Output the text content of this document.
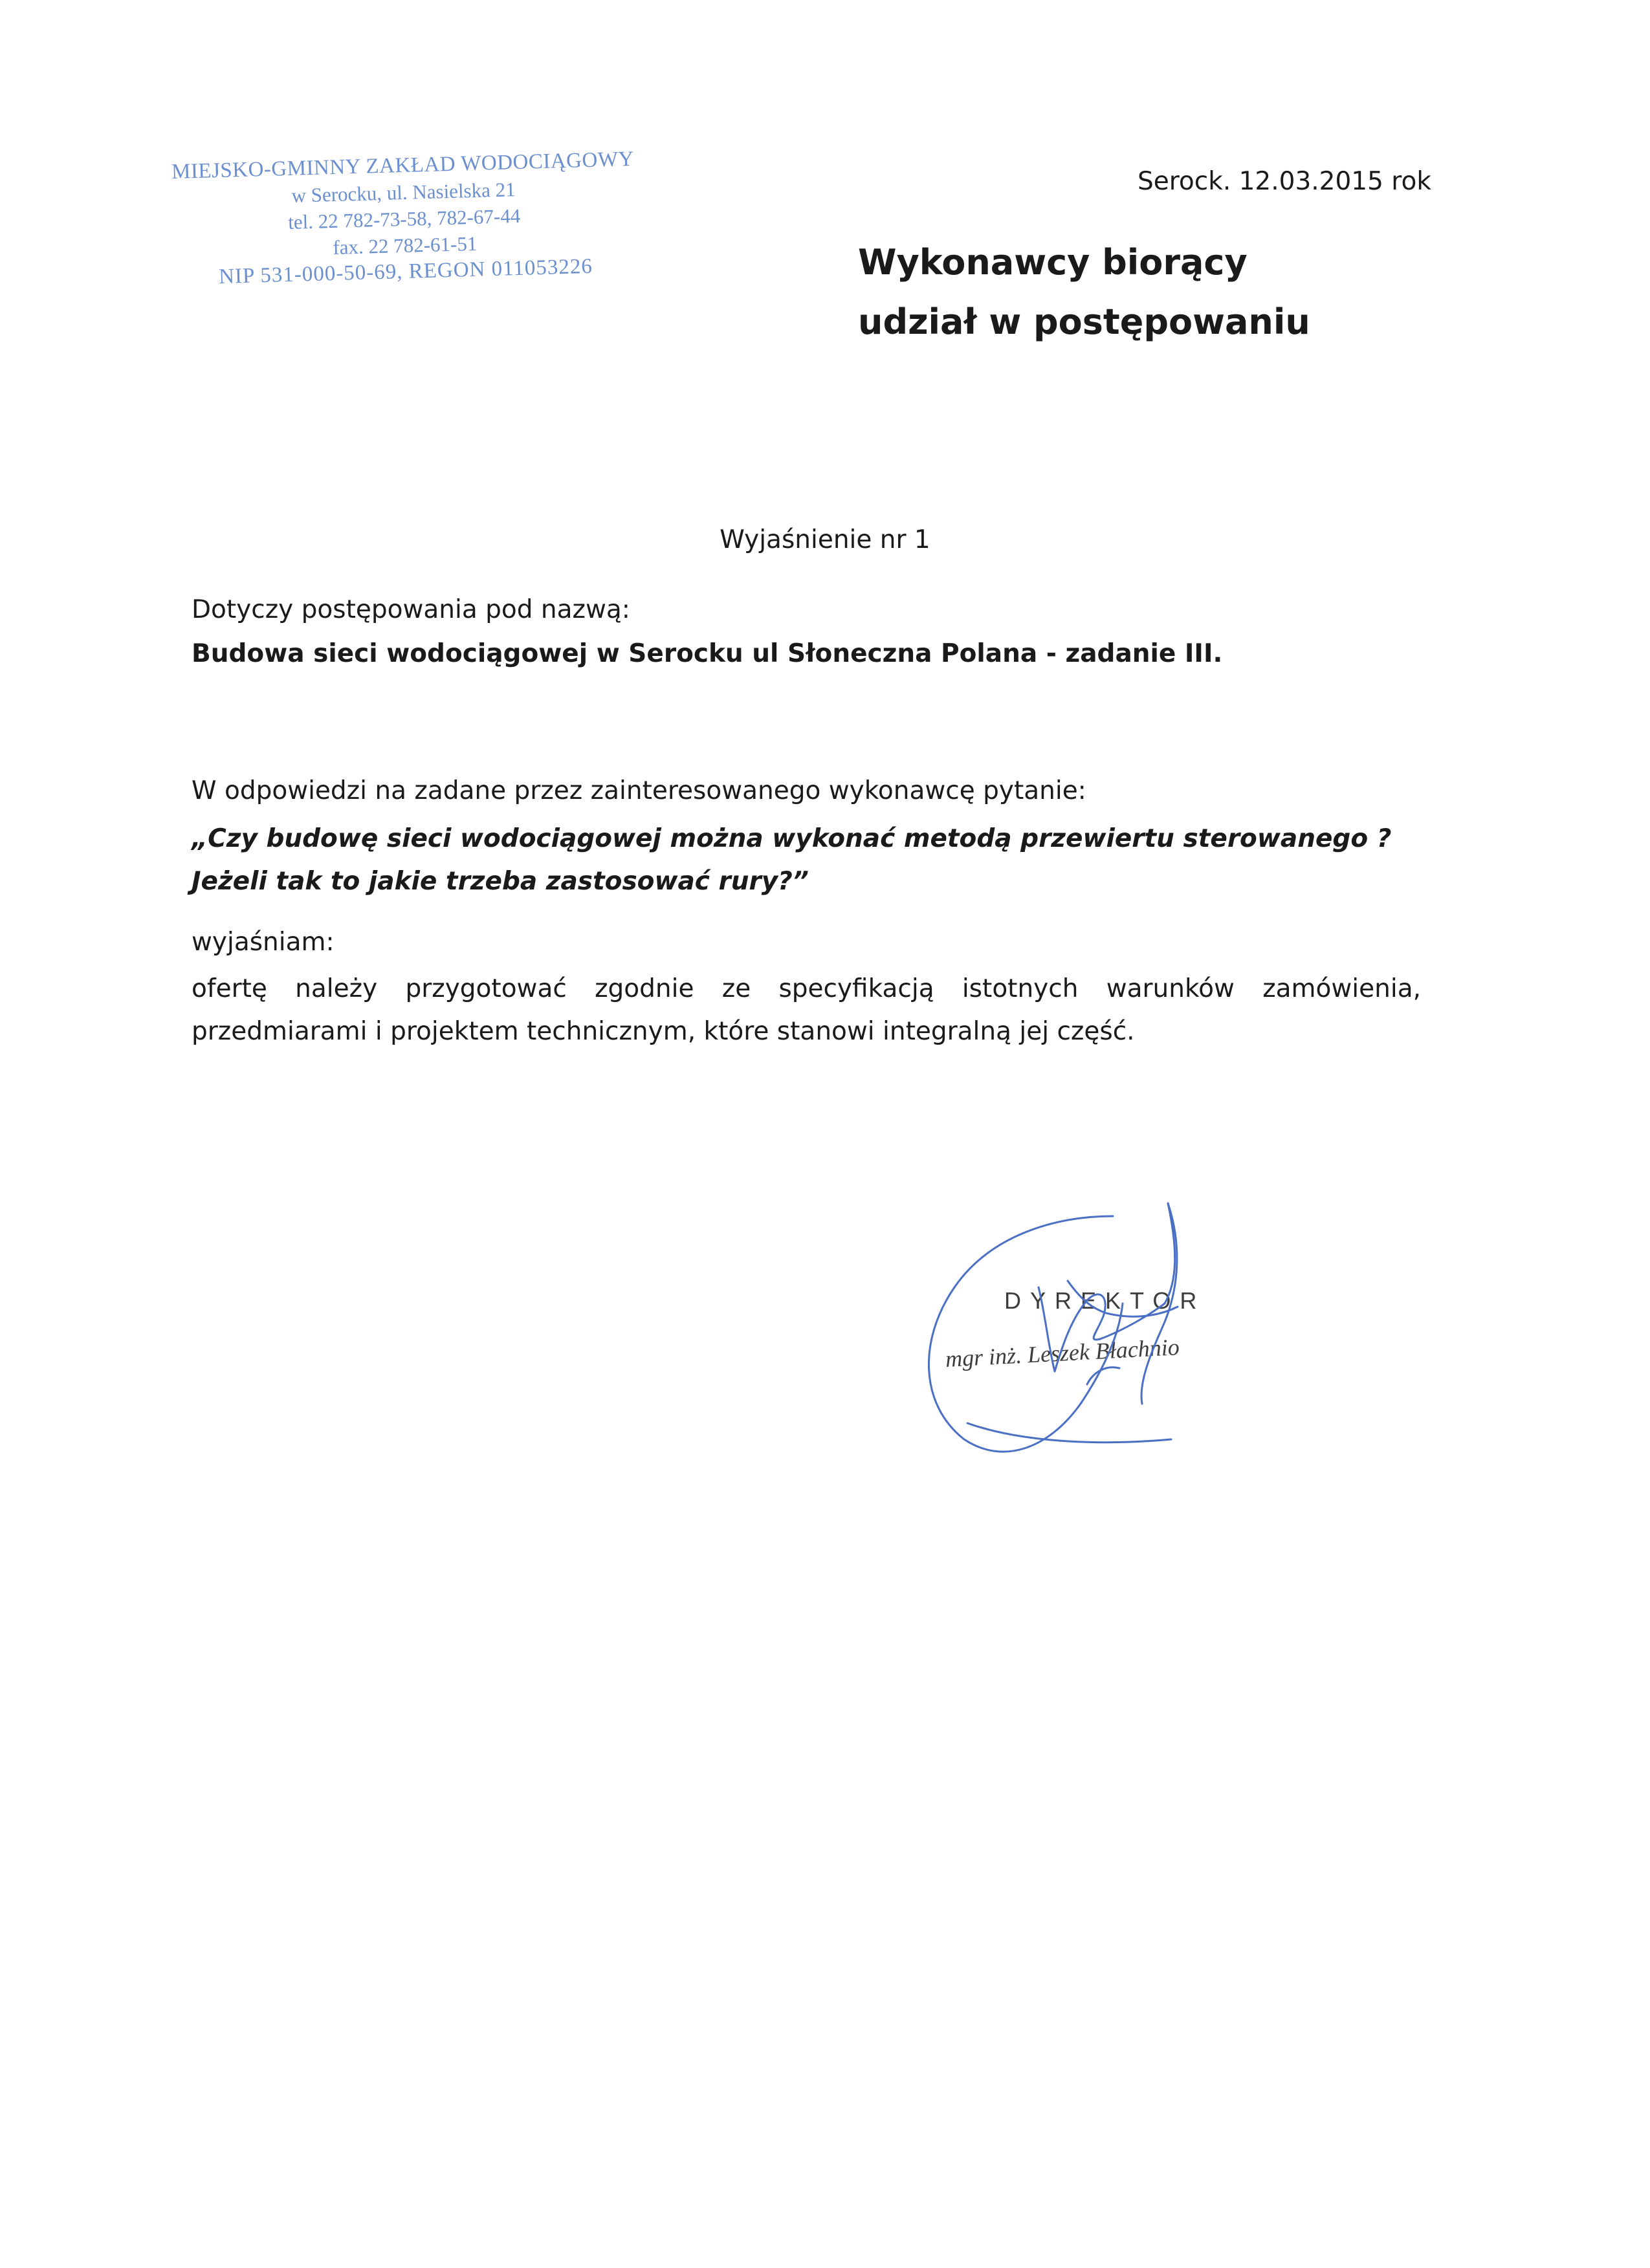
MIEJSKO-GMINNY ZAKŁAD WODOCIĄGOWY
w Serocku, ul. Nasielska 21
tel. 22 782-73-58, 782-67-44
fax. 22 782-61-51
NIP 531-000-50-69, REGON 011053226
Serock. 12.03.2015 rok
Wykonawcy biorący
udział w postępowaniu
Wyjaśnienie nr 1
Dotyczy postępowania pod nazwą:
Budowa sieci wodociągowej w Serocku ul Słoneczna Polana - zadanie III.
W odpowiedzi na zadane przez zainteresowanego wykonawcę pytanie:
„Czy budowę sieci wodociągowej można wykonać metodą przewiertu sterowanego ? Jeżeli tak to jakie trzeba zastosować rury?”
wyjaśniam:
ofertę należy przygotować zgodnie ze specyfikacją istotnych warunków zamówienia, przedmiarami i projektem technicznym, które stanowi integralną jej część.
DYREKTOR
mgr inż. Leszek Błachnio
